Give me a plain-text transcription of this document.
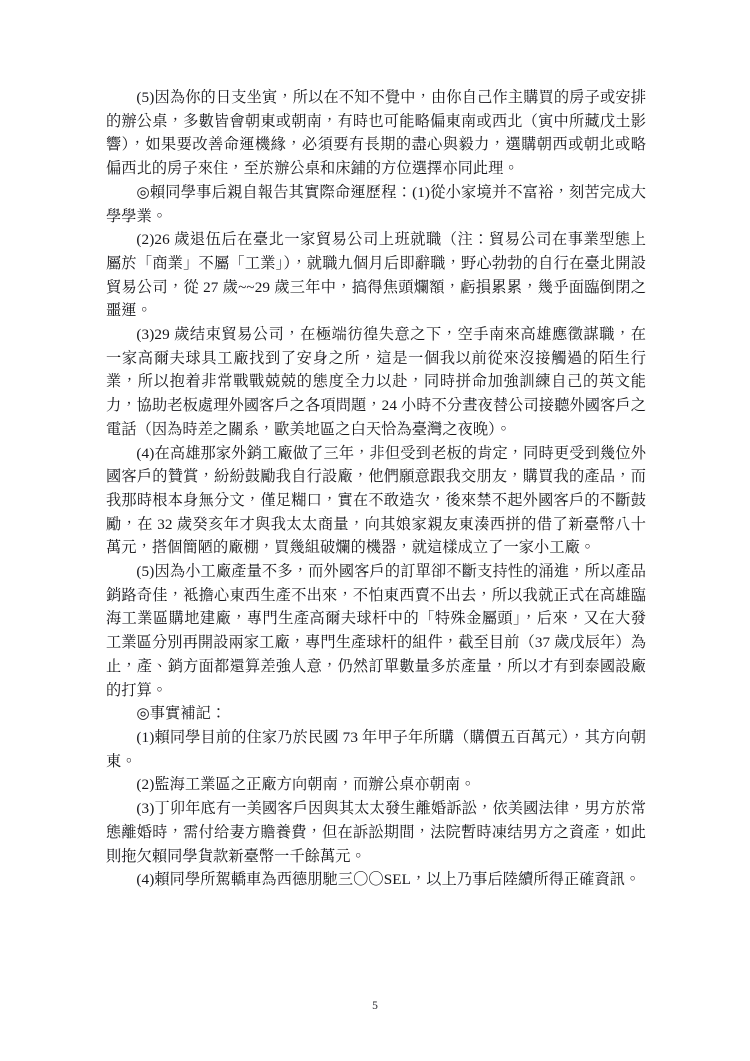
(5)因為你的日支坐寅，所以在不知不覺中，由你自己作主購買的房子或安排的辦公桌，多數皆會朝東或朝南，有時也可能略偏東南或西北（寅中所藏戊土影響），如果要改善命運機緣，必須要有長期的盡心與毅力，選購朝西或朝北或略偏西北的房子來住，至於辦公桌和床鋪的方位選擇亦同此理。

◎賴同學事后親自報告其實際命運歷程：(1)從小家境并不富裕，刻苦完成大學學業。

(2)26 歲退伍后在臺北一家貿易公司上班就職（注：貿易公司在事業型態上屬於「商業」不屬「工業」），就職九個月后即辭職，野心勃勃的自行在臺北開設貿易公司，從 27 歲~~29 歲三年中，搞得焦頭爛額，虧損累累，幾乎面臨倒閉之噩運。

(3)29 歲结束貿易公司，在極端彷徨失意之下，空手南來高雄應徵謀職，在一家高爾夫球具工廠找到了安身之所，這是一個我以前從來沒接觸過的陌生行業，所以抱着非常戰戰兢兢的態度全力以赴，同時拼命加強訓練自己的英文能力，協助老板處理外國客戶之各項問題，24 小時不分晝夜替公司接聽外國客戶之電話（因為時差之關系，歐美地區之白天恰為臺灣之夜晚）。

(4)在高雄那家外銷工廠做了三年，非但受到老板的肯定，同時更受到幾位外國客戶的贊賞，紛紛鼓勵我自行設廠，他們願意跟我交朋友，購買我的產品，而我那時根本身無分文，僅足糊口，實在不敢造次，後來禁不起外國客戶的不斷鼓勵，在 32 歲癸亥年才與我太太商量，向其娘家親友東湊西拼的借了新臺幣八十萬元，搭個簡陋的廠棚，買幾組破爛的機器，就這樣成立了一家小工廠。

(5)因為小工廠產量不多，而外國客戶的訂單卻不斷支持性的涌進，所以產品銷路奇佳，袛擔心東西生產不出來，不怕東西賣不出去，所以我就正式在高雄臨海工業區購地建廠，專門生產高爾夫球杆中的「特殊金屬頭」，后來，又在大發工業區分別再開設兩家工廠，專門生產球杆的組件，截至目前（37 歲戊辰年）為止，產、銷方面都還算差強人意，仍然訂單數量多於產量，所以才有到泰國設廠的打算。

◎事實補記：

(1)賴同學目前的住家乃於民國 73 年甲子年所購（購價五百萬元），其方向朝東。

(2)監海工業區之正廠方向朝南，而辦公桌亦朝南。

(3)丁卯年底有一美國客戶因與其太太發生離婚訴訟，依美國法律，男方於常態離婚時，需付给妻方贍養費，但在訴訟期間，法院暫時凍结男方之資產，如此則拖欠賴同學貨款新臺幣一千餘萬元。

(4)賴同學所駕轎車為西德朋馳三〇〇SEL，以上乃事后陸續所得正確資訊。

5
